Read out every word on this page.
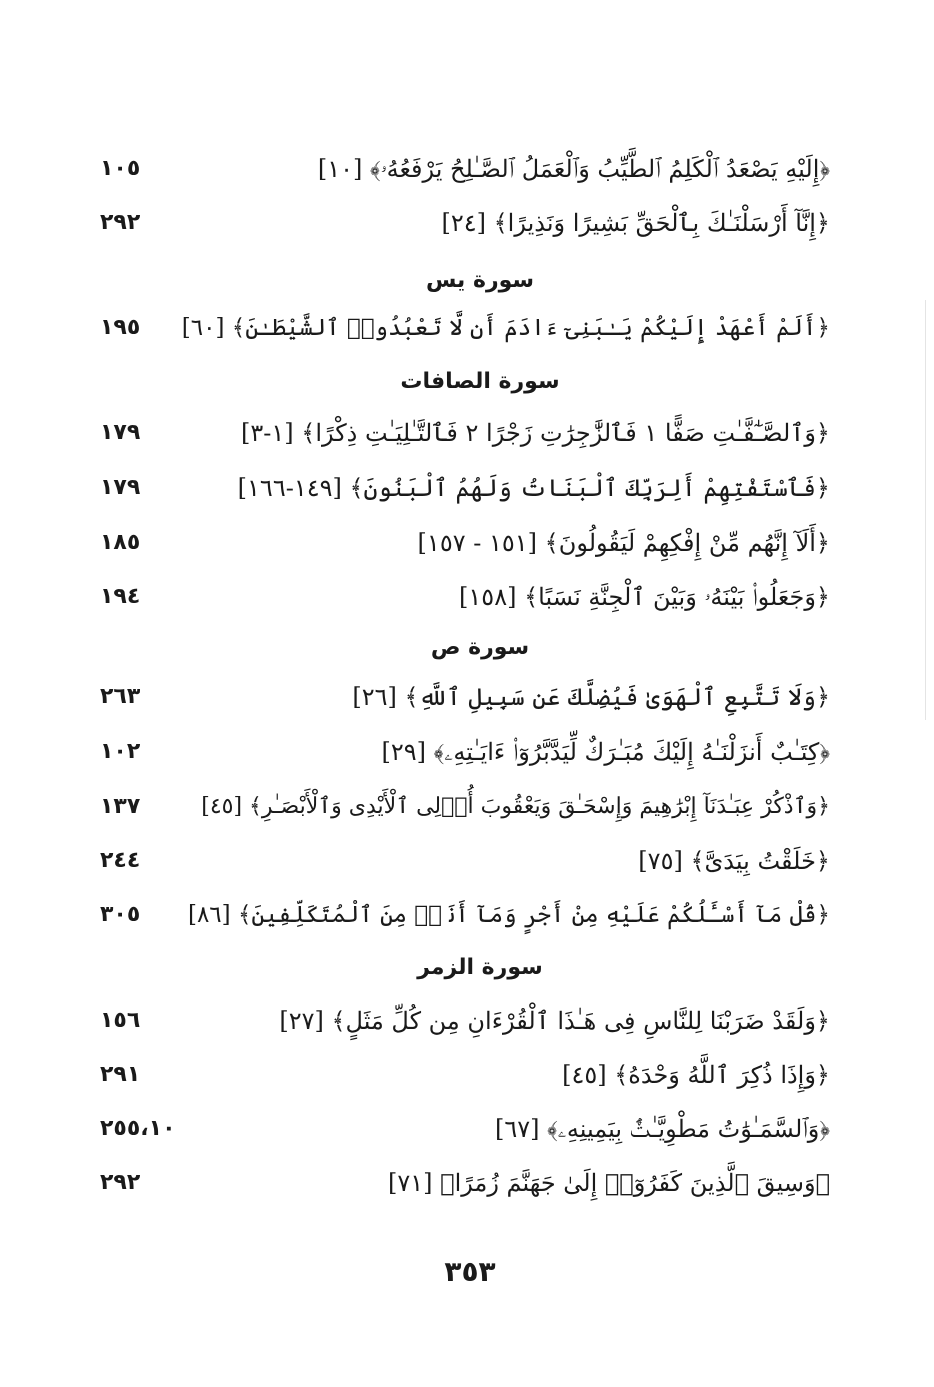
﴿إِلَيْهِ يَصْعَدُ ٱلْكَلِمُ ٱلطَّيِّبُ وَٱلْعَمَلُ ٱلصَّـٰلِحُ يَرْفَعُهُۥ﴾ [١٠]
١٠٥
﴿إِنَّآ أَرْسَلْنَـٰكَ بِٱلْحَقِّ بَشِيرًا وَنَذِيرًا﴾ [٢٤]
٢٩٢
سورة يس
﴿أَلَمْ أَعْهَدْ إِلَيْكُمْ يَـٰبَنِىٓ ءَادَمَ أَن لَّا تَعْبُدُوا۟ ٱلشَّيْطَـٰنَ﴾ [٦٠]
١٩٥
سورة الصافات
﴿وَٱلصَّـٰٓفَّـٰتِ صَفًّا ١ فَٱلزَّٰجِرَٰتِ زَجْرًا ٢ فَٱلتَّـٰلِيَـٰتِ ذِكْرًا﴾ [١-٣]
١٧٩
﴿فَٱسْتَفْتِهِمْ أَلِرَبِّكَ ٱلْبَنَاتُ وَلَهُمُ ٱلْبَنُونَ﴾ [١٤٩-١٦٦]
١٧٩
﴿أَلَآ إِنَّهُم مِّنْ إِفْكِهِمْ لَيَقُولُونَ﴾ [١٥١ - ١٥٧]
١٨٥
﴿وَجَعَلُوا۟ بَيْنَهُۥ وَبَيْنَ ٱلْجِنَّةِ نَسَبًا﴾ [١٥٨]
١٩٤
سورة ص
﴿وَلَا تَتَّبِعِ ٱلْهَوَىٰ فَيُضِلَّكَ عَن سَبِيلِ ٱللَّهِ﴾ [٢٦]
٢٦٣
﴿كِتَـٰبٌ أَنزَلْنَـٰهُ إِلَيْكَ مُبَـٰرَكٌ لِّيَدَّبَّرُوٓا۟ ءَايَـٰتِهِۦ﴾ [٢٩]
١٠٢
﴿وَٱذْكُرْ عِبَـٰدَنَآ إِبْرَٰهِيمَ وَإِسْحَـٰقَ وَيَعْقُوبَ أُو۟لِى ٱلْأَيْدِى وَٱلْأَبْصَـٰرِ﴾ [٤٥]
١٣٧
﴿خَلَقْتُ بِيَدَىَّ﴾ [٧٥]
٢٤٤
﴿قُلْ مَآ أَسْـَٔلُكُمْ عَلَيْهِ مِنْ أَجْرٍ وَمَآ أَنَا۠ مِنَ ٱلْمُتَكَلِّفِينَ﴾ [٨٦]
٣٠٥
سورة الزمر
﴿وَلَقَدْ ضَرَبْنَا لِلنَّاسِ فِى هَـٰذَا ٱلْقُرْءَانِ مِن كُلِّ مَثَلٍ﴾ [٢٧]
١٥٦
﴿وَإِذَا ذُكِرَ ٱللَّهُ وَحْدَهُ﴾ [٤٥]
٢٩١
﴿وَٱلسَّمَـٰوَٰتُ مَطْوِيَّـٰتٌۢ بِيَمِينِهِۦ﴾ [٦٧]
٢٥٥،١٠
﴿وَسِيقَ ٱلَّذِينَ كَفَرُوٓا۟ إِلَىٰ جَهَنَّمَ زُمَرًا﴾ [٧١]
٢٩٢
٣٥٣
